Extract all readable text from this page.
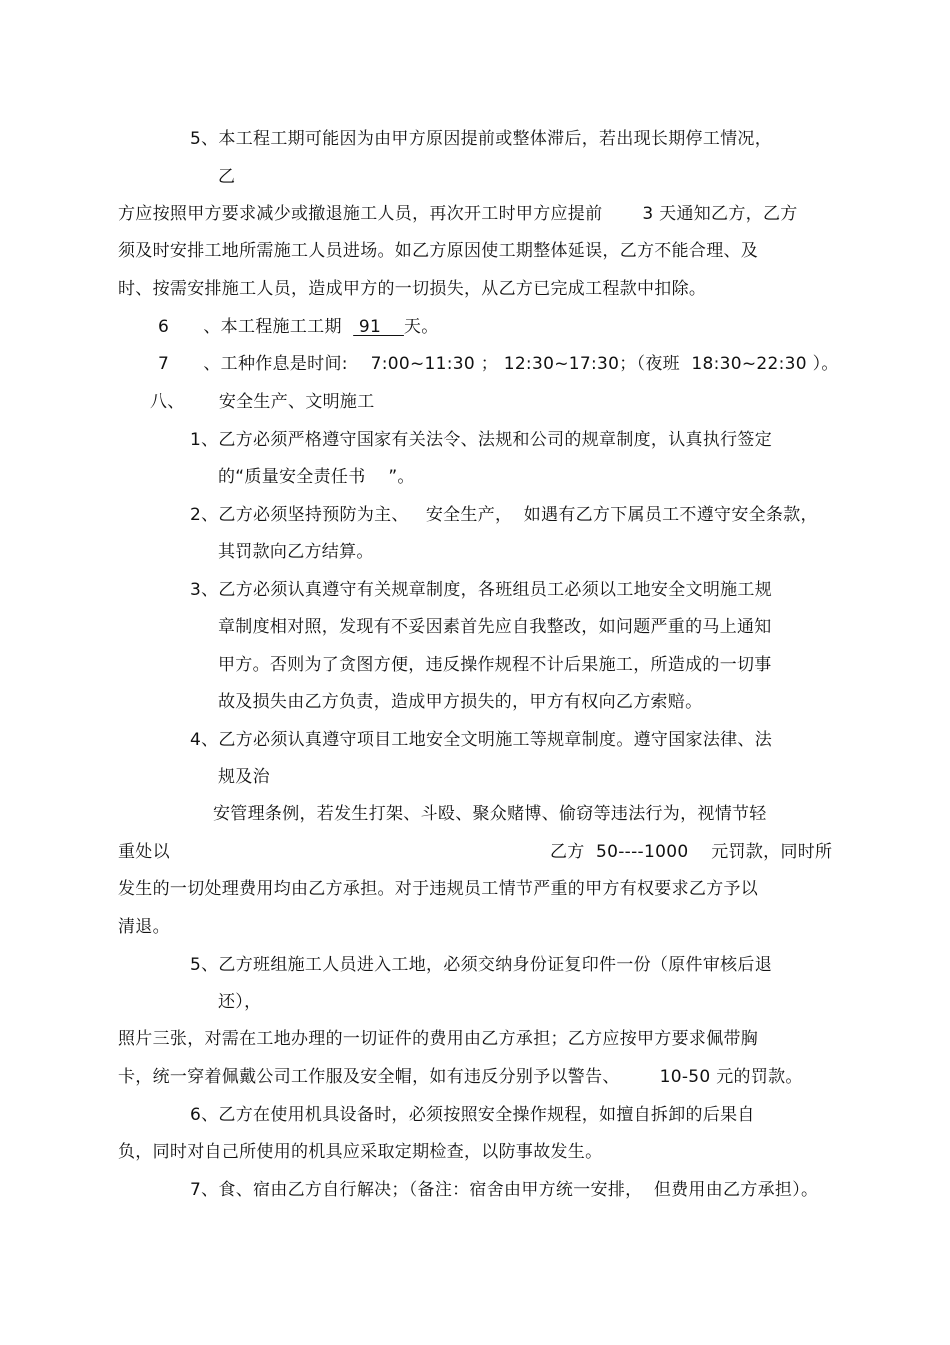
5、本工程工期可能因为由甲方原因提前或整体滞后，若出现长期停工情况，
乙
方应按照甲方要求减少或撤退施工人员，再次开工时甲方应提前       3 天通知乙方，乙方
须及时安排工地所需施工人员进场。如乙方原因使工期整体延误，乙方不能合理、及
时、按需安排施工人员，造成甲方的一切损失，从乙方已完成工程款中扣除。
6      、本工程施工工期   91    天。
7      、工种作息是时间:    7:00~11:30 ； 12:30~17:30；（夜班  18:30~22:30 ）。
八、      安全生产、文明施工
1、乙方必须严格遵守国家有关法令、法规和公司的规章制度，认真执行签定
的“质量安全责任书    ”。
2、乙方必须坚持预防为主、   安全生产，  如遇有乙方下属员工不遵守安全条款，
其罚款向乙方结算。
3、乙方必须认真遵守有关规章制度，各班组员工必须以工地安全文明施工规
章制度相对照，发现有不妥因素首先应自我整改，如问题严重的马上通知
甲方。否则为了贪图方便，违反操作规程不计后果施工，所造成的一切事
故及损失由乙方负责，造成甲方损失的，甲方有权向乙方索赔。
4、乙方必须认真遵守项目工地安全文明施工等规章制度。遵守国家法律、法
规及治
安管理条例，若发生打架、斗殴、聚众赌博、偷窃等违法行为，视情节轻
重处以	乙方  50----1000    元罚款，同时所
发生的一切处理费用均由乙方承担。对于违规员工情节严重的甲方有权要求乙方予以
清退。
5、乙方班组施工人员进入工地，必须交纳身份证复印件一份（原件审核后退
还），
照片三张，对需在工地办理的一切证件的费用由乙方承担；乙方应按甲方要求佩带胸
卡，统一穿着佩戴公司工作服及安全帽，如有违反分别予以警告、       10-50 元的罚款。
6、乙方在使用机具设备时，必须按照安全操作规程，如擅自拆卸的后果自
负，同时对自己所使用的机具应采取定期检查，以防事故发生。
7、食、宿由乙方自行解决；（备注：宿舍由甲方统一安排，  但费用由乙方承担）。
